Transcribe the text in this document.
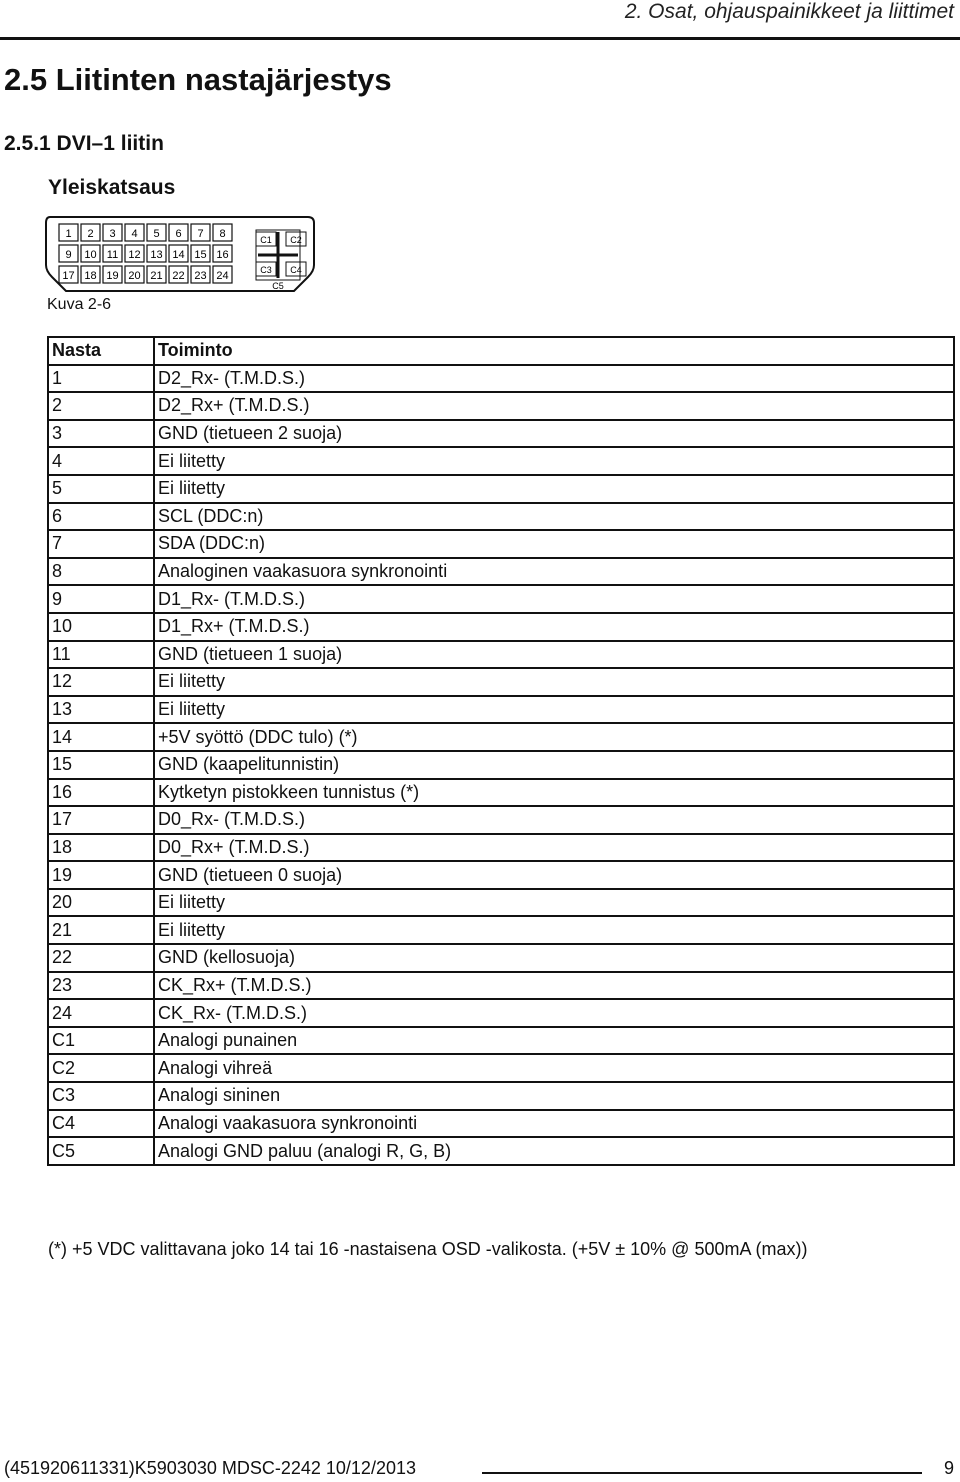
2. Osat, ohjauspainikkeet ja liittimet
2.5 Liitinten nastajärjestys
2.5.1 DVI–1 liitin
Yleiskatsaus
1 2 3 4 5 6 7 8
9 10 11 12 13 14 15 16
17 18 19 20 21 22 23 24
C1 C2
C3 C4
C5
Kuva 2-6
Nasta	Toiminto
1	D2_Rx- (T.M.D.S.)
2	D2_Rx+ (T.M.D.S.)
3	GND (tietueen 2 suoja)
4	Ei liitetty
5	Ei liitetty
6	SCL (DDC:n)
7	SDA (DDC:n)
8	Analoginen vaakasuora synkronointi
9	D1_Rx- (T.M.D.S.)
10	D1_Rx+ (T.M.D.S.)
11	GND (tietueen 1 suoja)
12	Ei liitetty
13	Ei liitetty
14	+5V syöttö (DDC tulo) (*)
15	GND (kaapelitunnistin)
16	Kytketyn pistokkeen tunnistus (*)
17	D0_Rx- (T.M.D.S.)
18	D0_Rx+ (T.M.D.S.)
19	GND (tietueen 0 suoja)
20	Ei liitetty
21	Ei liitetty
22	GND (kellosuoja)
23	CK_Rx+ (T.M.D.S.)
24	CK_Rx- (T.M.D.S.)
C1	Analogi punainen
C2	Analogi vihreä
C3	Analogi sininen
C4	Analogi vaakasuora synkronointi
C5	Analogi GND paluu (analogi R, G, B)
(*) +5 VDC valittavana joko 14 tai 16 -nastaisena OSD -valikosta. (+5V ± 10% @ 500mA (max))
(451920611331)K5903030 MDSC-2242 10/12/2013	9
